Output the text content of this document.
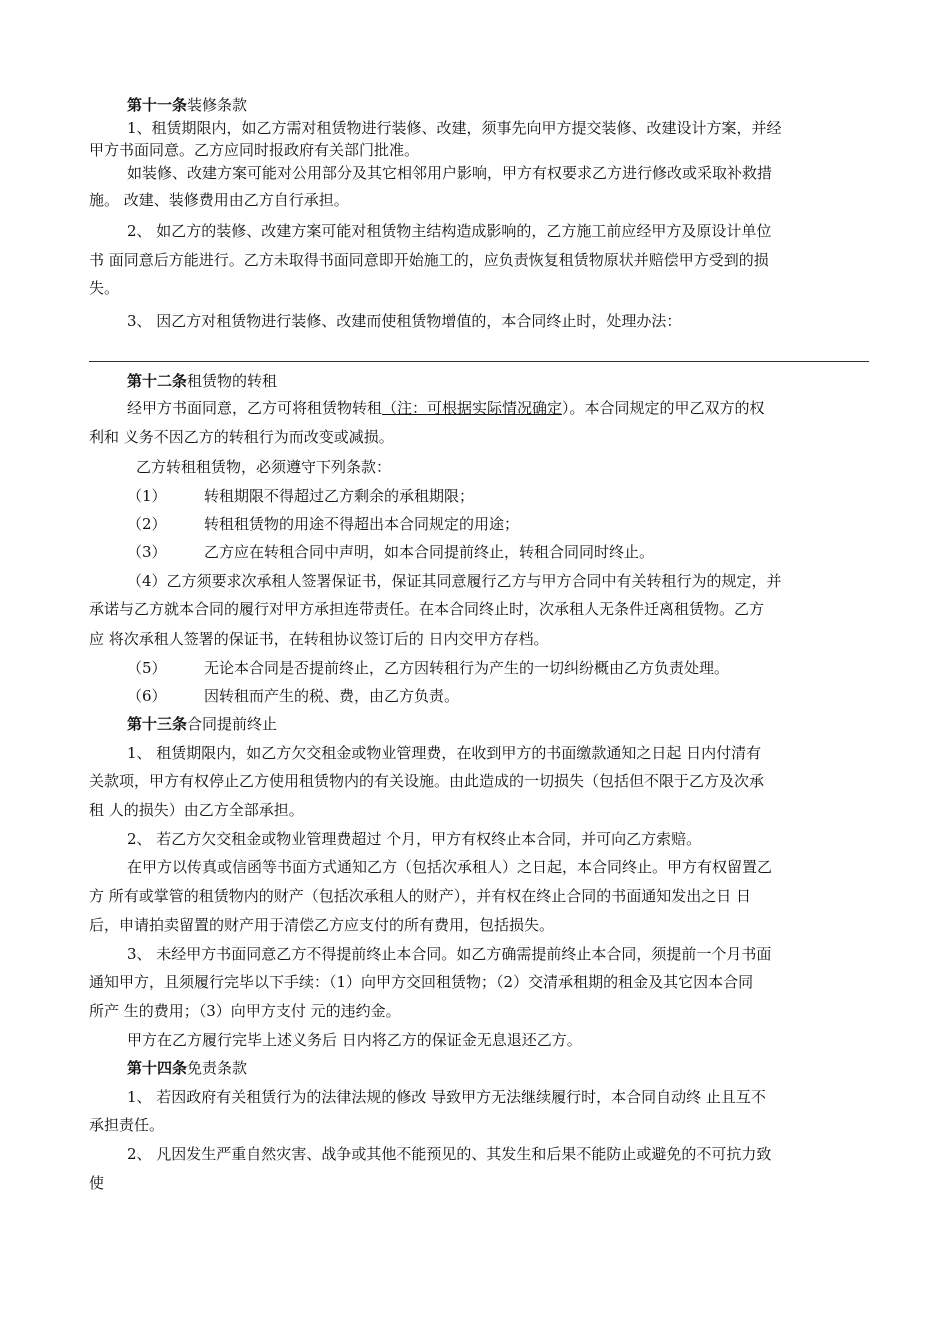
第十一条装修条款
1、租赁期限内，如乙方需对租赁物进行装修、改建，须事先向甲方提交装修、改建设计方案，并经
甲方书面同意。乙方应同时报政府有关部门批准。
如装修、改建方案可能对公用部分及其它相邻用户影响，甲方有权要求乙方进行修改或采取补救措
施。 改建、装修费用由乙方自行承担。
2、 如乙方的装修、改建方案可能对租赁物主结构造成影响的，乙方施工前应经甲方及原设计单位
书 面同意后方能进行。乙方未取得书面同意即开始施工的，应负责恢复租赁物原状并赔偿甲方受到的损
失。
3、 因乙方对租赁物进行装修、改建而使租赁物增值的，本合同终止时，处理办法：
第十二条租赁物的转租
经甲方书面同意，乙方可将租赁物转租（注：可根据实际情况确定）。本合同规定的甲乙双方的权
利和 义务不因乙方的转租行为而改变或减损。
乙方转租租赁物，必须遵守下列条款：
（1） 转租期限不得超过乙方剩余的承租期限；
（2） 转租租赁物的用途不得超出本合同规定的用途；
（3） 乙方应在转租合同中声明，如本合同提前终止，转租合同同时终止。
（4）乙方须要求次承租人签署保证书，保证其同意履行乙方与甲方合同中有关转租行为的规定，并
承诺与乙方就本合同的履行对甲方承担连带责任。在本合同终止时，次承租人无条件迁离租赁物。乙方
应 将次承租人签署的保证书，在转租协议签订后的 日内交甲方存档。
（5） 无论本合同是否提前终止，乙方因转租行为产生的一切纠纷概由乙方负责处理。
（6） 因转租而产生的税、费，由乙方负责。
第十三条合同提前终止
1、 租赁期限内，如乙方欠交租金或物业管理费，在收到甲方的书面缴款通知之日起 日内付清有
关款项，甲方有权停止乙方使用租赁物内的有关设施。由此造成的一切损失（包括但不限于乙方及次承
租 人的损失）由乙方全部承担。
2、 若乙方欠交租金或物业管理费超过 个月，甲方有权终止本合同，并可向乙方索赔。
在甲方以传真或信函等书面方式通知乙方（包括次承租人）之日起，本合同终止。甲方有权留置乙
方 所有或掌管的租赁物内的财产（包括次承租人的财产），并有权在终止合同的书面通知发出之日 日
后，申请拍卖留置的财产用于清偿乙方应支付的所有费用，包括损失。
3、 未经甲方书面同意乙方不得提前终止本合同。如乙方确需提前终止本合同，须提前一个月书面
通知甲方，且须履行完毕以下手续：（1）向甲方交回租赁物；（2）交清承租期的租金及其它因本合同
所产 生的费用；（3）向甲方支付 元的违约金。
甲方在乙方履行完毕上述义务后 日内将乙方的保证金无息退还乙方。
第十四条免责条款
1、 若因政府有关租赁行为的法律法规的修改 导致甲方无法继续履行时，本合同自动终 止且互不
承担责任。
2、 凡因发生严重自然灾害、战争或其他不能预见的、其发生和后果不能防止或避免的不可抗力致
使
